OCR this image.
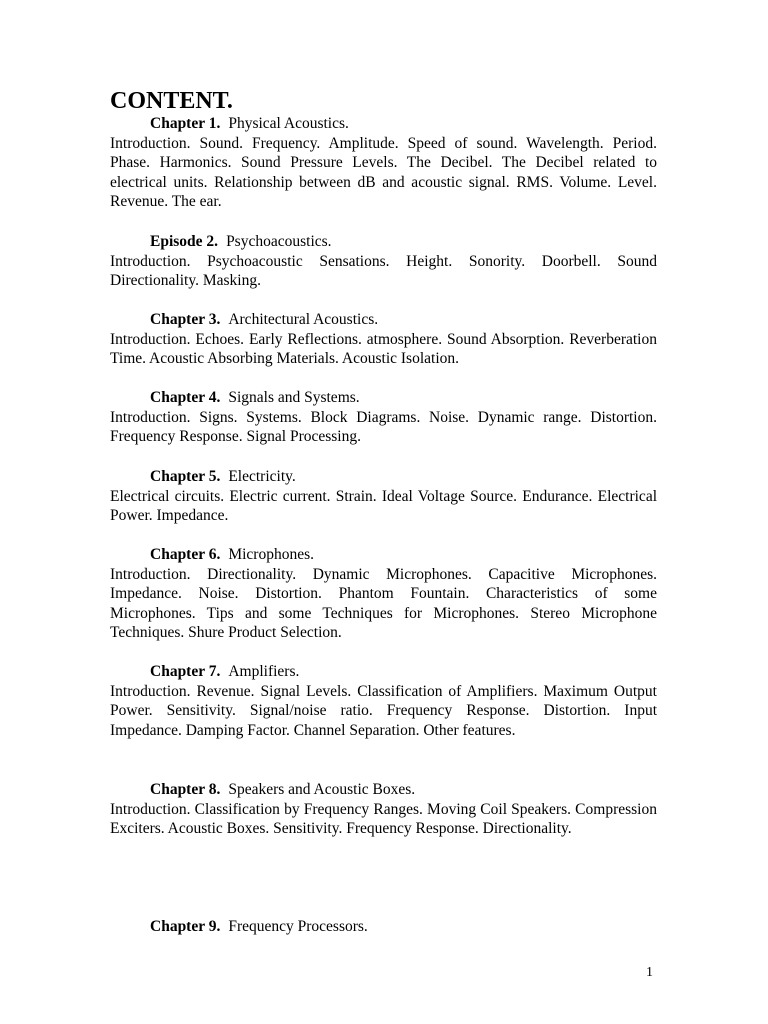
CONTENT.
Chapter 1. Physical Acoustics.

Introduction. Sound. Frequency. Amplitude. Speed of sound. Wavelength. Period. Phase. Harmonics. Sound Pressure Levels. The Decibel. The Decibel related to electrical units. Relationship between dB and acoustic signal. RMS. Volume. Level. Revenue. The ear.

Episode 2. Psychoacoustics.

Introduction. Psychoacoustic Sensations. Height. Sonority. Doorbell. Sound Directionality. Masking.

Chapter 3. Architectural Acoustics.

Introduction. Echoes. Early Reflections. atmosphere. Sound Absorption. Reverberation Time. Acoustic Absorbing Materials. Acoustic Isolation.

Chapter 4. Signals and Systems.

Introduction. Signs. Systems. Block Diagrams. Noise. Dynamic range. Distortion. Frequency Response. Signal Processing.

Chapter 5. Electricity.

Electrical circuits. Electric current. Strain. Ideal Voltage Source. Endurance. Electrical Power. Impedance.

Chapter 6. Microphones.

Introduction. Directionality. Dynamic Microphones. Capacitive Microphones. Impedance. Noise. Distortion. Phantom Fountain. Characteristics of some Microphones. Tips and some Techniques for Microphones. Stereo Microphone Techniques. Shure Product Selection.

Chapter 7. Amplifiers.

Introduction. Revenue. Signal Levels. Classification of Amplifiers. Maximum Output Power. Sensitivity. Signal/noise ratio. Frequency Response. Distortion. Input Impedance. Damping Factor. Channel Separation. Other features.

Chapter 8. Speakers and Acoustic Boxes.

Introduction. Classification by Frequency Ranges. Moving Coil Speakers. Compression Exciters. Acoustic Boxes. Sensitivity. Frequency Response. Directionality.

Chapter 9. Frequency Processors.

1
